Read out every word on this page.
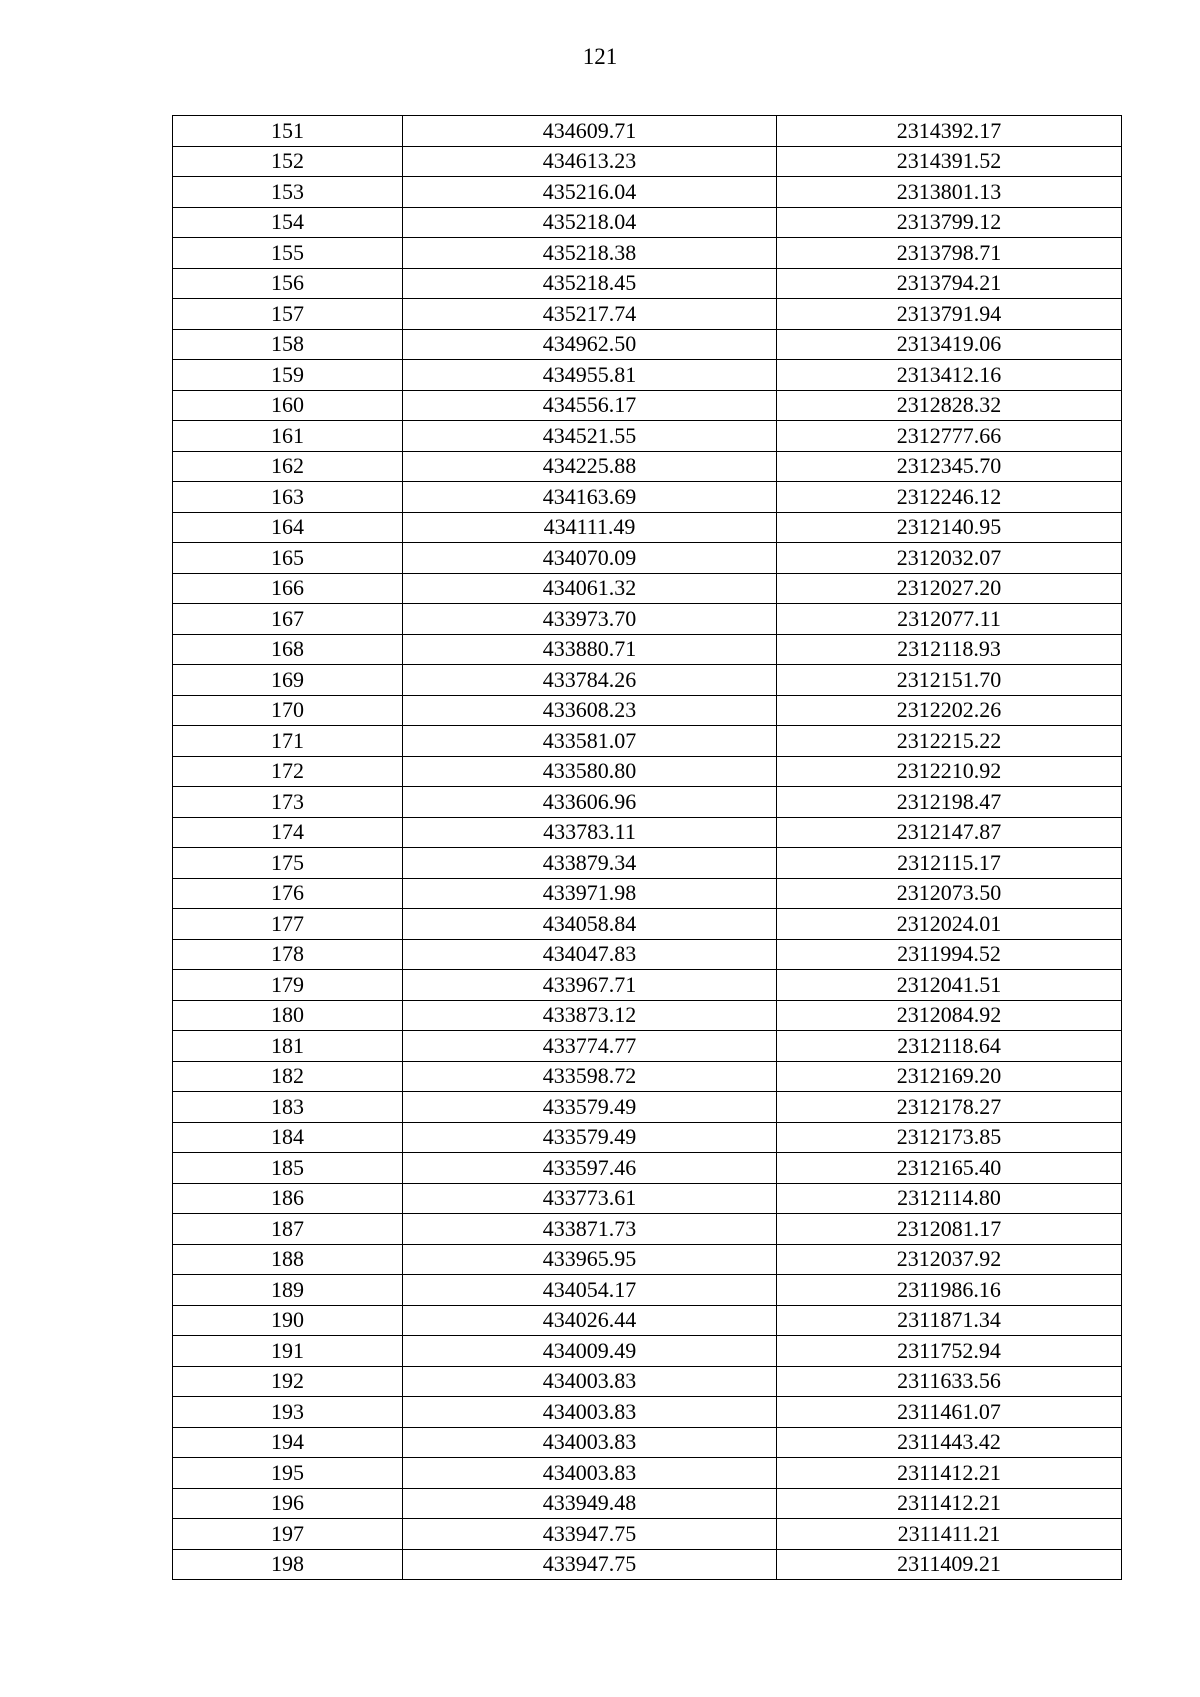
121
151	434609.71	2314392.17
152	434613.23	2314391.52
153	435216.04	2313801.13
154	435218.04	2313799.12
155	435218.38	2313798.71
156	435218.45	2313794.21
157	435217.74	2313791.94
158	434962.50	2313419.06
159	434955.81	2313412.16
160	434556.17	2312828.32
161	434521.55	2312777.66
162	434225.88	2312345.70
163	434163.69	2312246.12
164	434111.49	2312140.95
165	434070.09	2312032.07
166	434061.32	2312027.20
167	433973.70	2312077.11
168	433880.71	2312118.93
169	433784.26	2312151.70
170	433608.23	2312202.26
171	433581.07	2312215.22
172	433580.80	2312210.92
173	433606.96	2312198.47
174	433783.11	2312147.87
175	433879.34	2312115.17
176	433971.98	2312073.50
177	434058.84	2312024.01
178	434047.83	2311994.52
179	433967.71	2312041.51
180	433873.12	2312084.92
181	433774.77	2312118.64
182	433598.72	2312169.20
183	433579.49	2312178.27
184	433579.49	2312173.85
185	433597.46	2312165.40
186	433773.61	2312114.80
187	433871.73	2312081.17
188	433965.95	2312037.92
189	434054.17	2311986.16
190	434026.44	2311871.34
191	434009.49	2311752.94
192	434003.83	2311633.56
193	434003.83	2311461.07
194	434003.83	2311443.42
195	434003.83	2311412.21
196	433949.48	2311412.21
197	433947.75	2311411.21
198	433947.75	2311409.21
